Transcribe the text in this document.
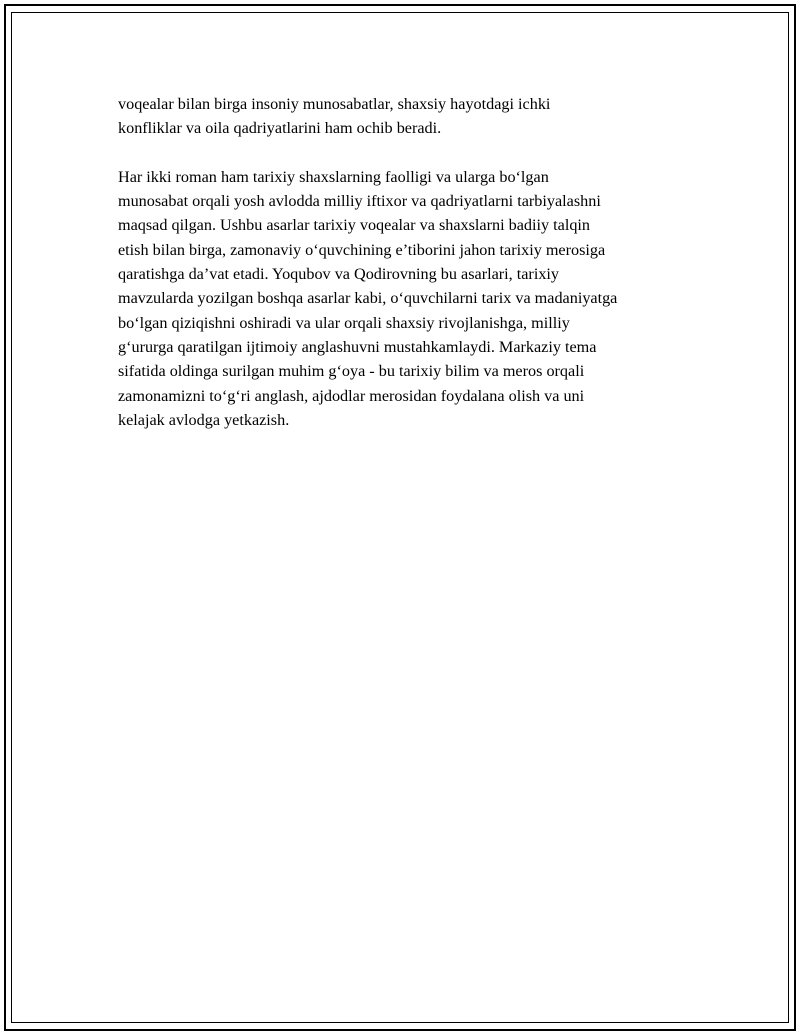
voqealar bilan birga insoniy munosabatlar, shaxsiy hayotdagi ichki
konfliklar va oila qadriyatlarini ham ochib beradi.

Har ikki roman ham tarixiy shaxslarning faolligi va ularga bo‘lgan
munosabat orqali yosh avlodda milliy iftixor va qadriyatlarni tarbiyalashni
maqsad qilgan. Ushbu asarlar tarixiy voqealar va shaxslarni badiiy talqin
etish bilan birga, zamonaviy o‘quvchining e’tiborini jahon tarixiy merosiga
qaratishga da’vat etadi. Yoqubov va Qodirovning bu asarlari, tarixiy
mavzularda yozilgan boshqa asarlar kabi, o‘quvchilarni tarix va madaniyatga
bo‘lgan qiziqishni oshiradi va ular orqali shaxsiy rivojlanishga, milliy
g‘ururga qaratilgan ijtimoiy anglashuvni mustahkamlaydi. Markaziy tema
sifatida oldinga surilgan muhim g‘oya - bu tarixiy bilim va meros orqali
zamonamizni to‘g‘ri anglash, ajdodlar merosidan foydalana olish va uni
kelajak avlodga yetkazish.
